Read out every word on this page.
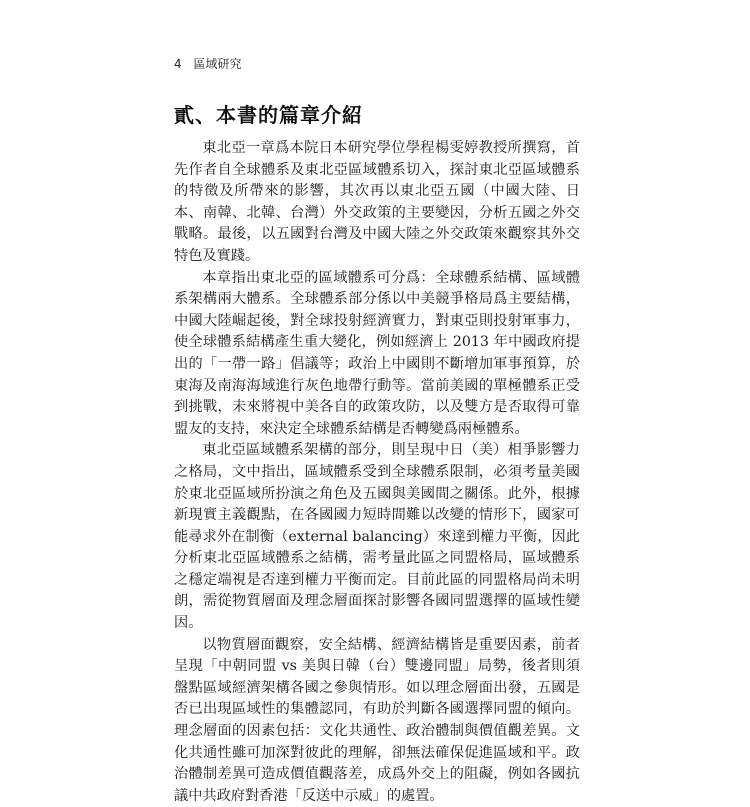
4 區域研究
貳、本書的篇章介紹

東北亞一章爲本院日本研究學位學程楊雯婷教授所撰寫，首先作者自全球體系及東北亞區域體系切入，探討東北亞區域體系的特徵及所帶來的影響，其次再以東北亞五國（中國大陸、日本、南韓、北韓、台灣）外交政策的主要變因，分析五國之外交戰略。最後，以五國對台灣及中國大陸之外交政策來觀察其外交特色及實踐。

本章指出東北亞的區域體系可分爲：全球體系結構、區域體系架構兩大體系。全球體系部分係以中美競爭格局爲主要結構，中國大陸崛起後，對全球投射經濟實力，對東亞則投射軍事力，使全球體系結構產生重大變化，例如經濟上 2013 年中國政府提出的「一帶一路」倡議等；政治上中國則不斷增加軍事預算，於東海及南海海域進行灰色地帶行動等。當前美國的單極體系正受到挑戰，未來將視中美各自的政策攻防，以及雙方是否取得可靠盟友的支持，來決定全球體系結構是否轉變爲兩極體系。

東北亞區域體系架構的部分，則呈現中日（美）相爭影響力之格局，文中指出，區域體系受到全球體系限制，必須考量美國於東北亞區域所扮演之角色及五國與美國間之關係。此外，根據新現實主義觀點，在各國國力短時間難以改變的情形下，國家可能尋求外在制衡（external balancing）來達到權力平衡，因此分析東北亞區域體系之結構，需考量此區之同盟格局，區域體系之穩定端視是否達到權力平衡而定。目前此區的同盟格局尚未明朗，需從物質層面及理念層面探討影響各國同盟選擇的區域性變因。

以物質層面觀察，安全結構、經濟結構皆是重要因素，前者呈現「中朝同盟 vs 美與日韓（台）雙邊同盟」局勢，後者則須盤點區域經濟架構各國之參與情形。如以理念層面出發，五國是否已出現區域性的集體認同，有助於判斷各國選擇同盟的傾向。理念層面的因素包括：文化共通性、政治體制與價值觀差異。文化共通性雖可加深對彼此的理解，卻無法確保促進區域和平。政治體制差異可造成價值觀落差，成爲外交上的阻礙，例如各國抗議中共政府對香港「反送中示威」的處置。
